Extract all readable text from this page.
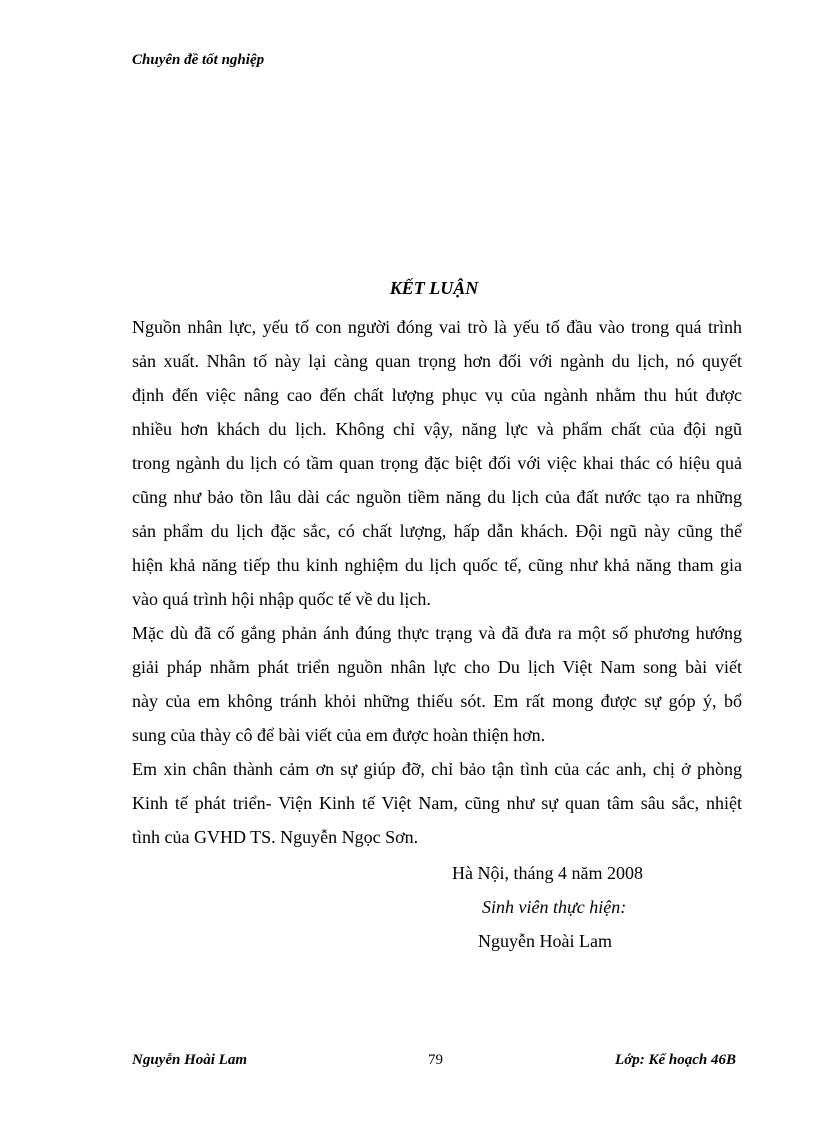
Chuyên đề tốt nghiệp
KẾT LUẬN

Nguồn nhân lực, yếu tố con người đóng vai trò là yếu tố đầu vào trong quá trình
sản xuất. Nhân tố này lại càng quan trọng hơn đối với ngành du lịch, nó quyết
định đến việc nâng cao đến chất lượng phục vụ của ngành nhằm thu hút được
nhiều hơn khách du lịch. Không chỉ vậy, năng lực và phẩm chất của đội ngũ
trong ngành du lịch có tầm quan trọng đặc biệt đối với việc khai thác có hiệu quả
cũng như bảo tồn lâu dài các nguồn tiềm năng du lịch của đất nước tạo ra những
sản phẩm du lịch đặc sắc, có chất lượng, hấp dẫn khách. Đội ngũ này cũng thể
hiện khả năng tiếp thu kinh nghiệm du lịch quốc tế, cũng như khả năng tham gia
vào quá trình hội nhập quốc tế về du lịch.

Mặc dù đã cố gắng phản ánh đúng thực trạng và đã đưa ra một số phương hướng
giải pháp nhằm phát triển nguồn nhân lực cho Du lịch Việt Nam song bài viết
này của em không tránh khỏi những thiếu sót. Em rất mong được sự góp ý, bổ
sung của thày cô để bài viết của em được hoàn thiện hơn.

Em xin chân thành cảm ơn sự giúp đỡ, chỉ bảo tận tình của các anh, chị ở phòng
Kinh tế phát triển- Viện Kinh tế Việt Nam, cũng như sự quan tâm sâu sắc, nhiệt
tình của GVHD TS. Nguyễn Ngọc Sơn.

Hà Nội, tháng 4 năm 2008
Sinh viên thực hiện:
Nguyễn Hoài Lam
Nguyễn Hoài Lam	79	Lớp: Kế hoạch 46B
